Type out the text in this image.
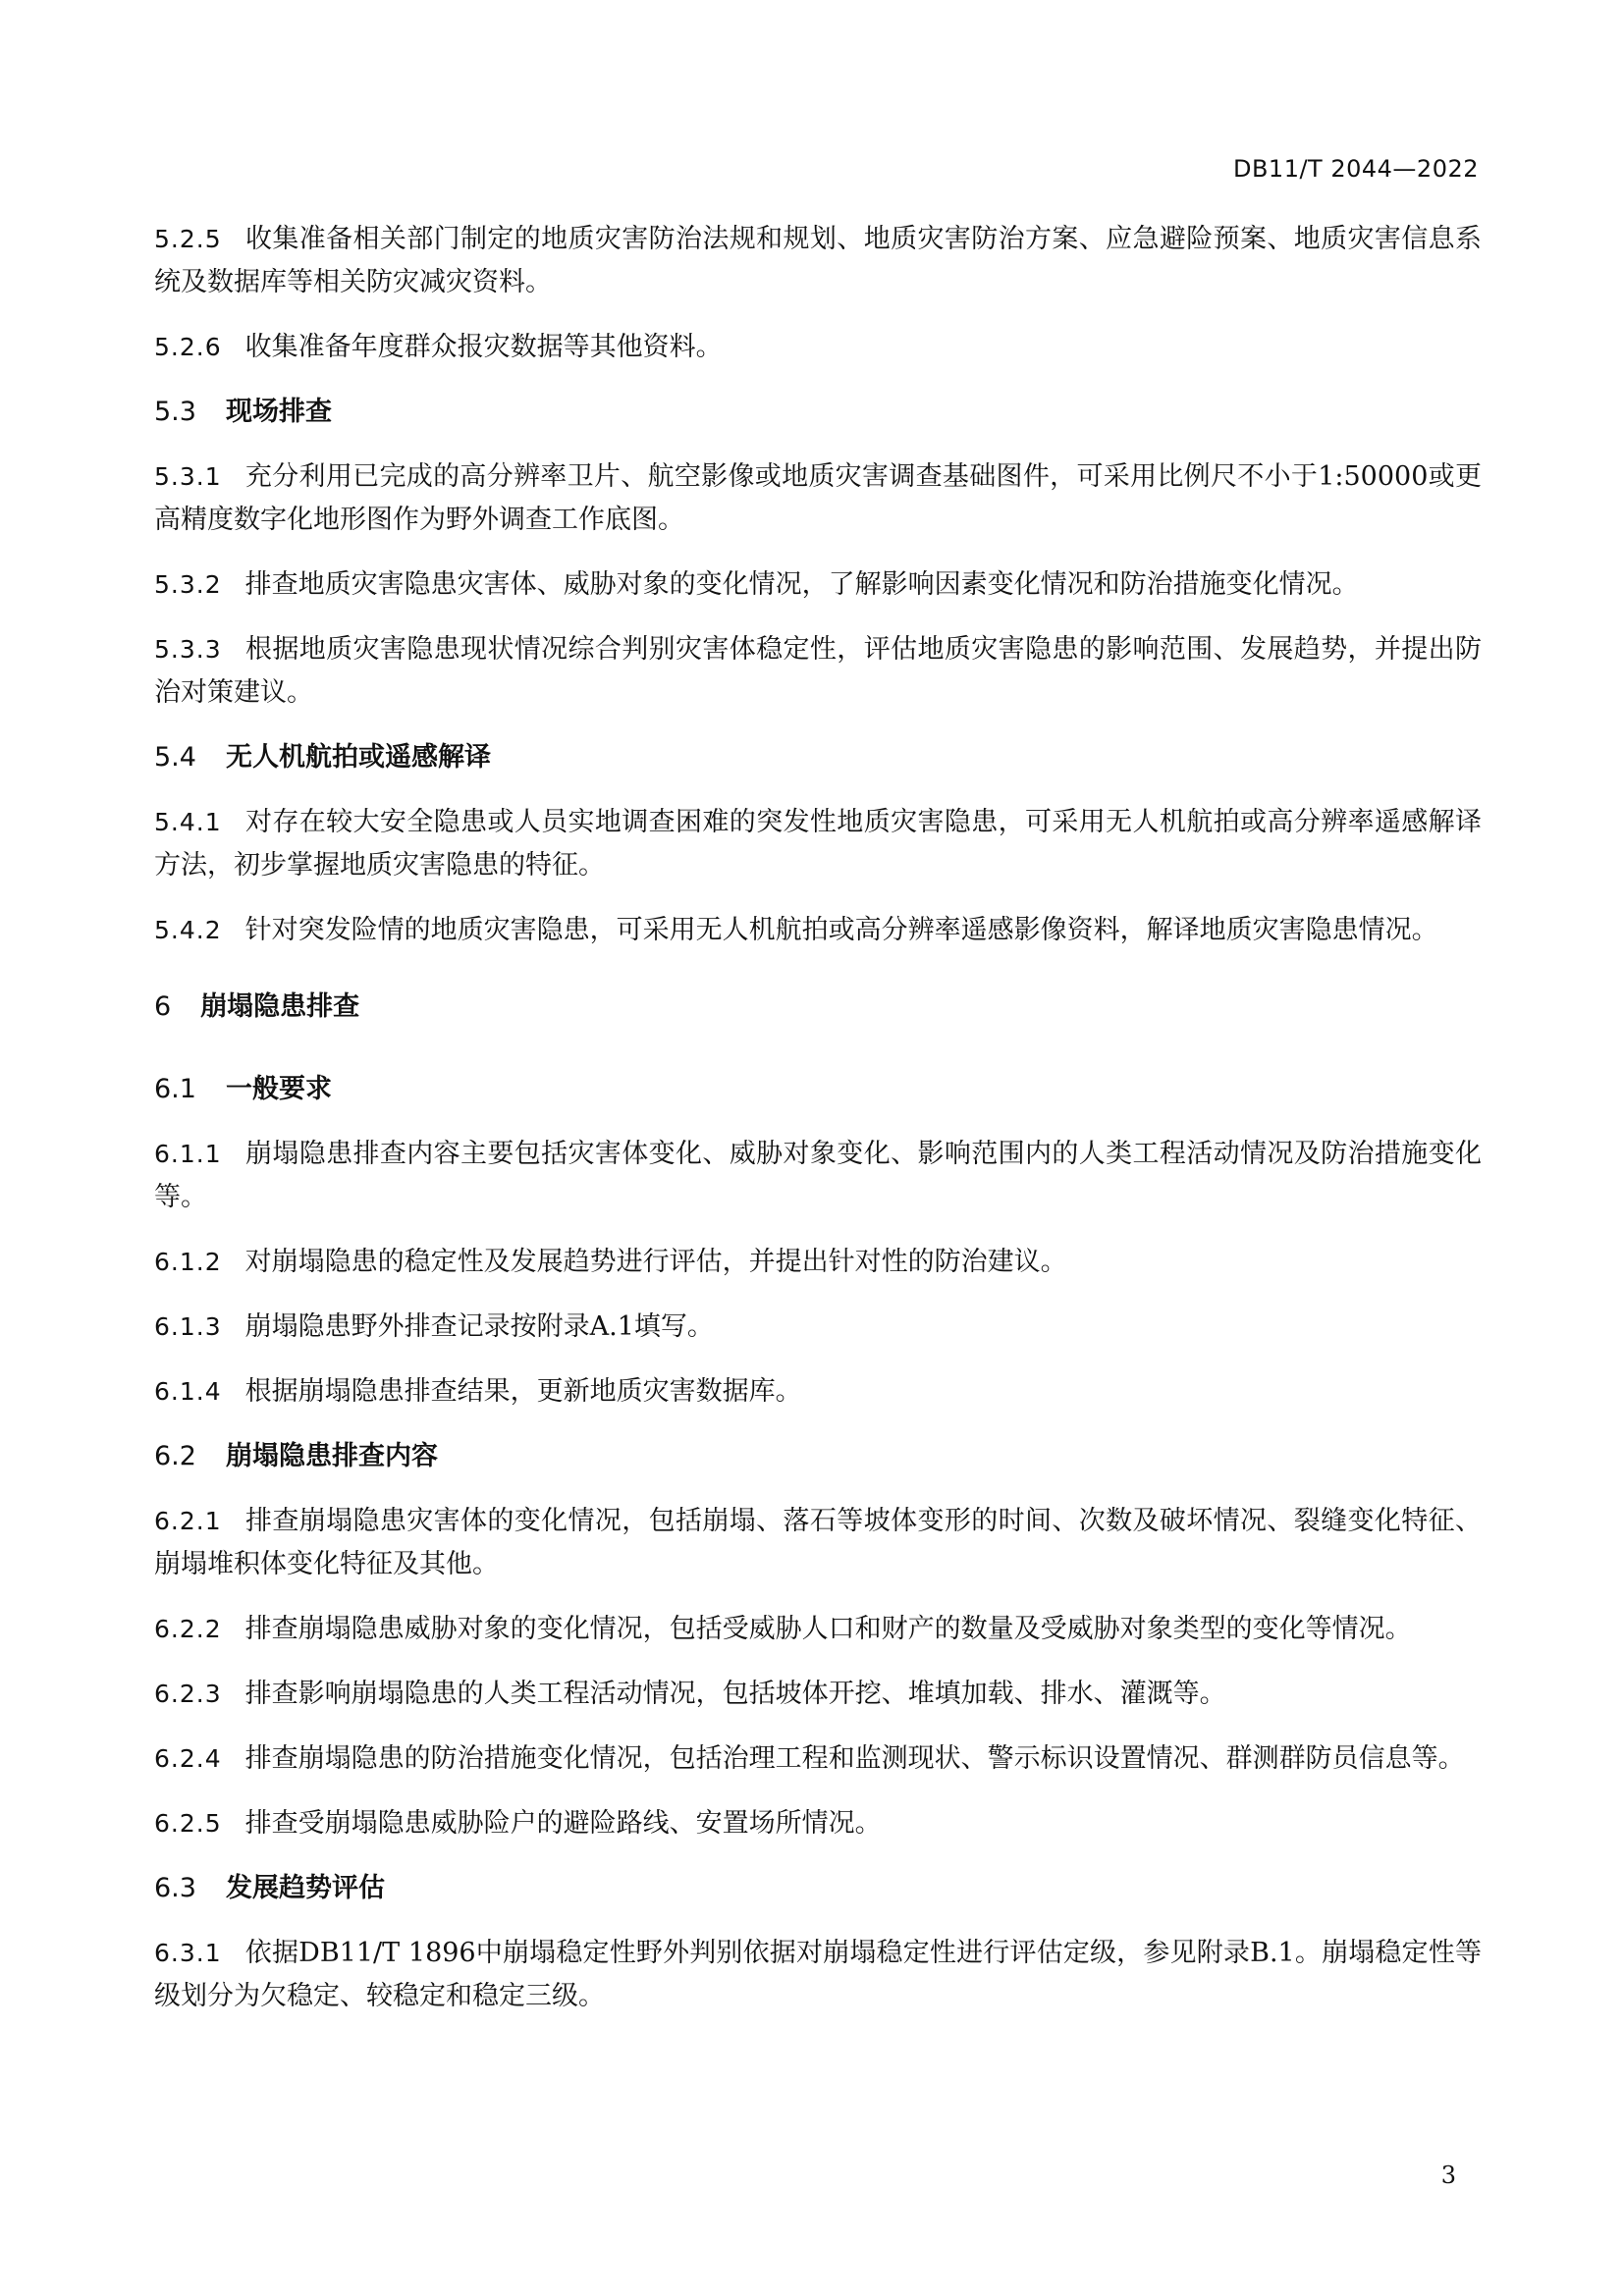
DB11/T 2044—2022
5.2.5 收集准备相关部门制定的地质灾害防治法规和规划、地质灾害防治方案、应急避险预案、地质灾害信息系统及数据库等相关防灾减灾资料。
5.2.6 收集准备年度群众报灾数据等其他资料。
5.3 现场排查
5.3.1 充分利用已完成的高分辨率卫片、航空影像或地质灾害调查基础图件，可采用比例尺不小于1:50000或更高精度数字化地形图作为野外调查工作底图。
5.3.2 排查地质灾害隐患灾害体、威胁对象的变化情况，了解影响因素变化情况和防治措施变化情况。
5.3.3 根据地质灾害隐患现状情况综合判别灾害体稳定性，评估地质灾害隐患的影响范围、发展趋势，并提出防治对策建议。
5.4 无人机航拍或遥感解译
5.4.1 对存在较大安全隐患或人员实地调查困难的突发性地质灾害隐患，可采用无人机航拍或高分辨率遥感解译方法，初步掌握地质灾害隐患的特征。
5.4.2 针对突发险情的地质灾害隐患，可采用无人机航拍或高分辨率遥感影像资料，解译地质灾害隐患情况。
6 崩塌隐患排查
6.1 一般要求
6.1.1 崩塌隐患排查内容主要包括灾害体变化、威胁对象变化、影响范围内的人类工程活动情况及防治措施变化等。
6.1.2 对崩塌隐患的稳定性及发展趋势进行评估，并提出针对性的防治建议。
6.1.3 崩塌隐患野外排查记录按附录A.1填写。
6.1.4 根据崩塌隐患排查结果，更新地质灾害数据库。
6.2 崩塌隐患排查内容
6.2.1 排查崩塌隐患灾害体的变化情况，包括崩塌、落石等坡体变形的时间、次数及破坏情况、裂缝变化特征、崩塌堆积体变化特征及其他。
6.2.2 排查崩塌隐患威胁对象的变化情况，包括受威胁人口和财产的数量及受威胁对象类型的变化等情况。
6.2.3 排查影响崩塌隐患的人类工程活动情况，包括坡体开挖、堆填加载、排水、灌溉等。
6.2.4 排查崩塌隐患的防治措施变化情况，包括治理工程和监测现状、警示标识设置情况、群测群防员信息等。
6.2.5 排查受崩塌隐患威胁险户的避险路线、安置场所情况。
6.3 发展趋势评估
6.3.1 依据DB11/T 1896中崩塌稳定性野外判别依据对崩塌稳定性进行评估定级，参见附录B.1。崩塌稳定性等级划分为欠稳定、较稳定和稳定三级。
3
